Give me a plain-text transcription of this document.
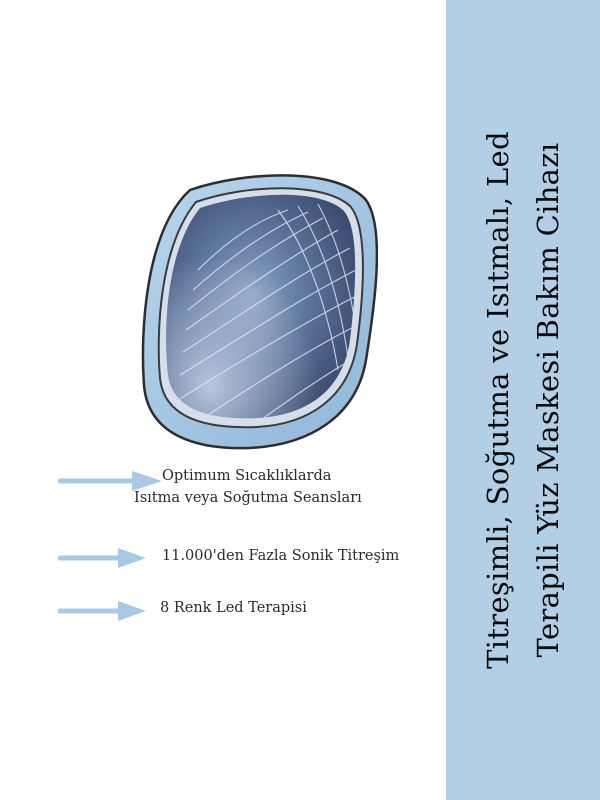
Titreşimli, Soğutma ve Isıtmalı, Led Terapili Yüz Maskesi Bakım Cihazı
Optimum Sıcaklıklarda
Isıtma veya Soğutma Seansları
11.000'den Fazla Sonik Titreşim
8 Renk Led Terapisi
